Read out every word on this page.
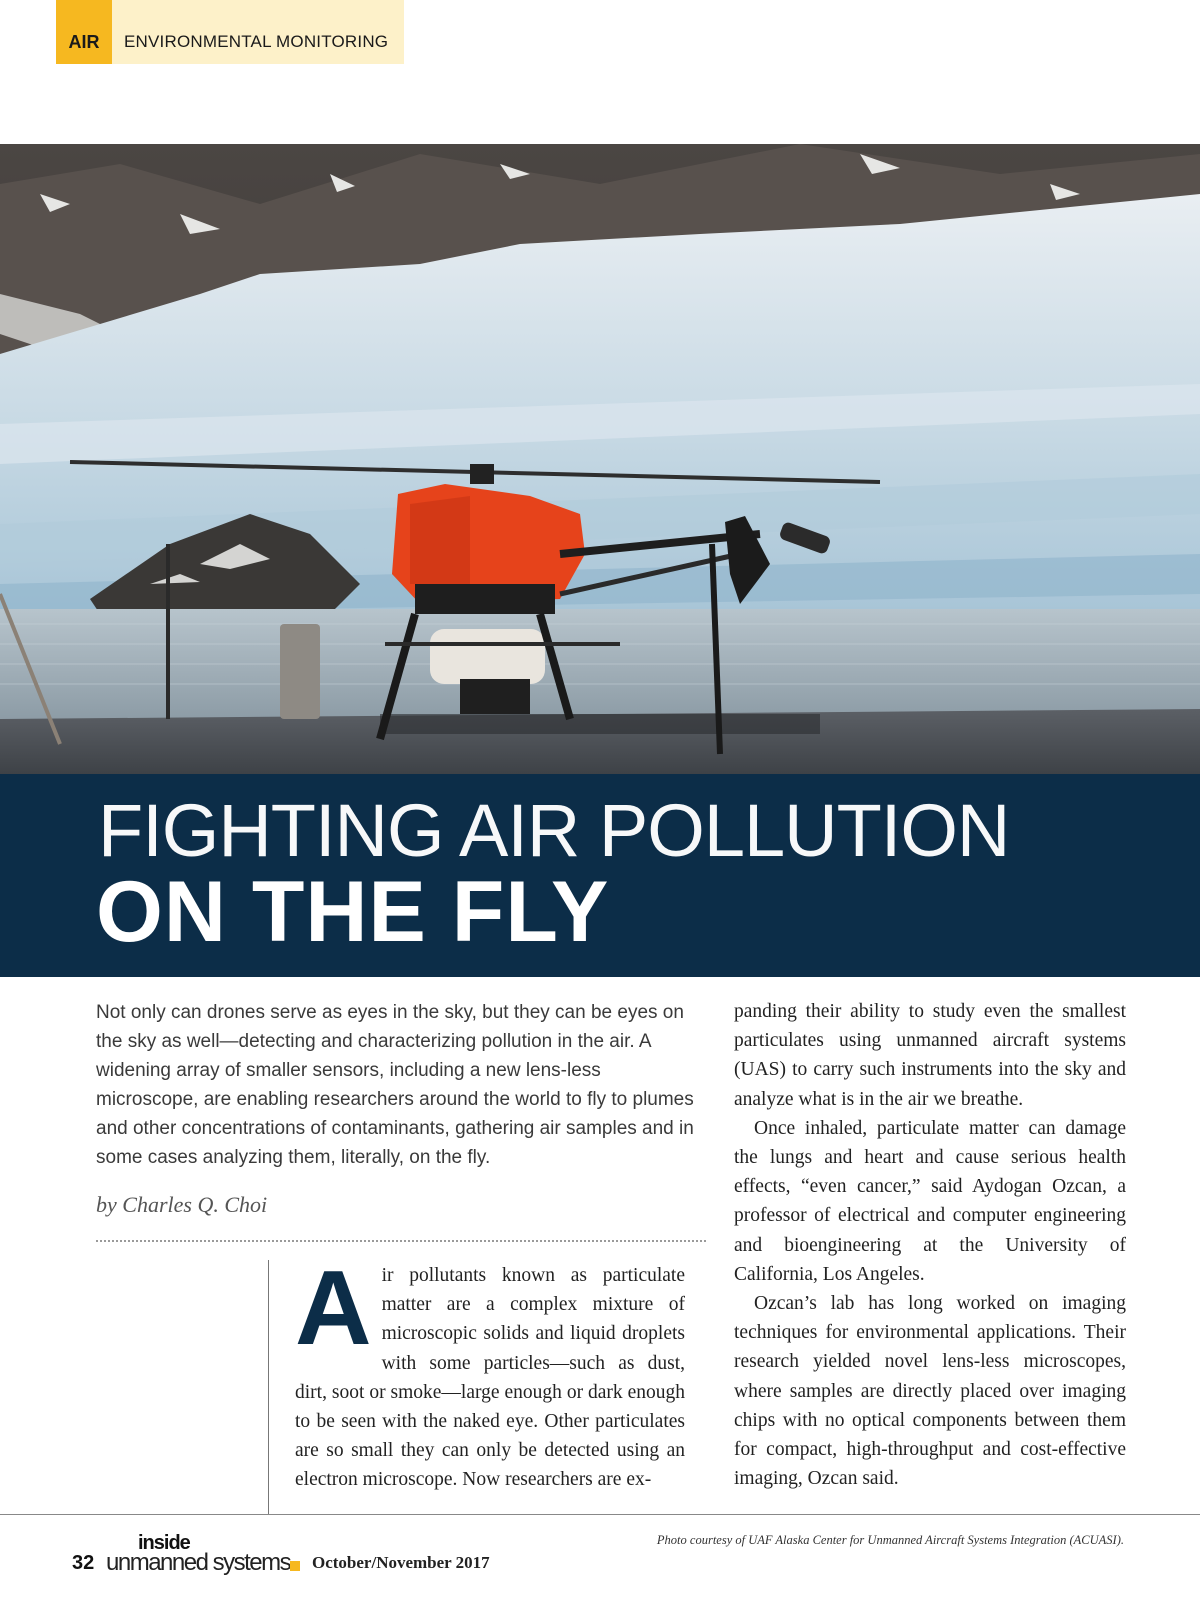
AIR	ENVIRONMENTAL MONITORING
FIGHTING AIR POLLUTION
ON THE FLY
Not only can drones serve as eyes in the sky, but they can be eyes on the sky as well—detecting and characterizing pollution in the air. A widening array of smaller sensors, including a new lens-less microscope, are enabling researchers around the world to fly to plumes and other concentrations of contaminants, gathering air samples and in some cases analyzing them, literally, on the fly.
by Charles Q. Choi
A ir pollutants known as particulate matter are a complex mixture of microscopic solids and liquid droplets with some particles—such as dust, dirt, soot or smoke—large enough or dark enough to be seen with the naked eye. Other particulates are so small they can only be detected using an electron microscope. Now researchers are ex-

panding their ability to study even the smallest particulates using unmanned aircraft systems (UAS) to carry such instruments into the sky and analyze what is in the air we breathe.

Once inhaled, particulate matter can damage the lungs and heart and cause serious health effects, “even cancer,” said Aydogan Ozcan, a professor of electrical and computer engineering and bioengineering at the University of California, Los Angeles.

Ozcan’s lab has long worked on imaging techniques for environmental applications. Their research yielded novel lens-less microscopes, where samples are directly placed over imaging chips with no optical components between them for compact, high-throughput and cost-effective imaging, Ozcan said.

Photo courtesy of UAF Alaska Center for Unmanned Aircraft Systems Integration (ACUASI).
32
inside
unmanned systems October/November 2017
